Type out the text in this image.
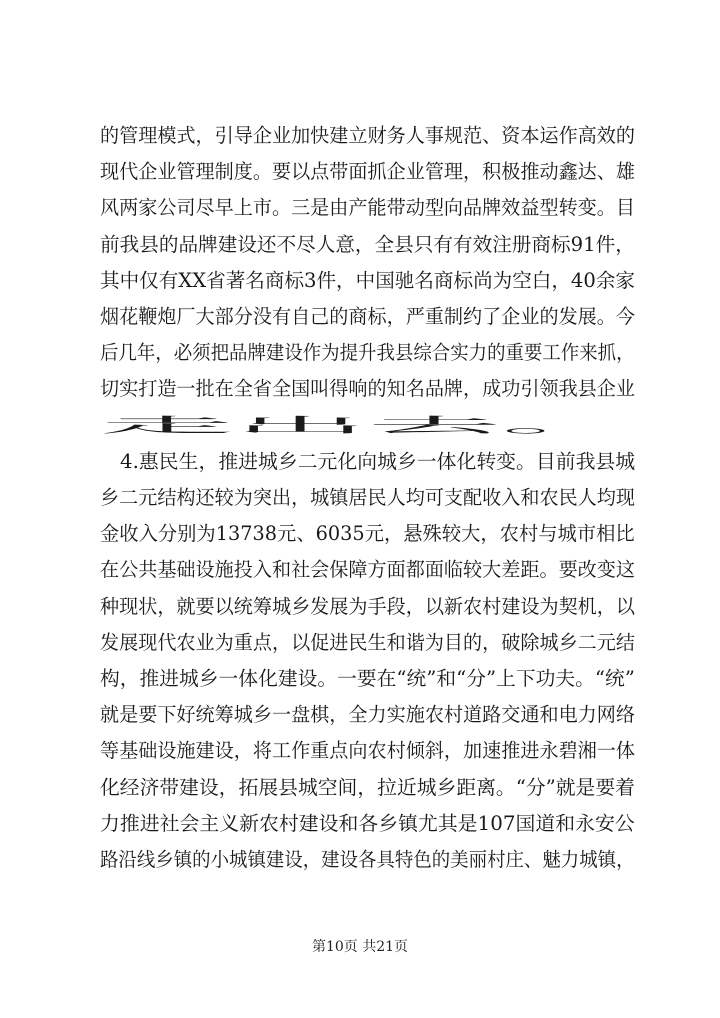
的管理模式，引导企业加快建立财务人事规范、资本运作高效的
现代企业管理制度。要以点带面抓企业管理，积极推动鑫达、雄
风两家公司尽早上市。三是由产能带动型向品牌效益型转变。目
前我县的品牌建设还不尽人意，全县只有有效注册商标91件，
其中仅有XX省著名商标3件，中国驰名商标尚为空白，40余家
烟花鞭炮厂大部分没有自己的商标，严重制约了企业的发展。今
后几年，必须把品牌建设作为提升我县综合实力的重要工作来抓，
切实打造一批在全省全国叫得响的知名品牌，成功引领我县企业
走出去。
4.惠民生，推进城乡二元化向城乡一体化转变。目前我县城
乡二元结构还较为突出，城镇居民人均可支配收入和农民人均现
金收入分别为13738元、6035元，悬殊较大，农村与城市相比
在公共基础设施投入和社会保障方面都面临较大差距。要改变这
种现状，就要以统筹城乡发展为手段，以新农村建设为契机，以
发展现代农业为重点，以促进民生和谐为目的，破除城乡二元结
构，推进城乡一体化建设。一要在“统”和“分”上下功夫。“统”
就是要下好统筹城乡一盘棋，全力实施农村道路交通和电力网络
等基础设施建设，将工作重点向农村倾斜，加速推进永碧湘一体
化经济带建设，拓展县城空间，拉近城乡距离。“分”就是要着
力推进社会主义新农村建设和各乡镇尤其是107国道和永安公
路沿线乡镇的小城镇建设，建设各具特色的美丽村庄、魅力城镇，
第10页 共21页
